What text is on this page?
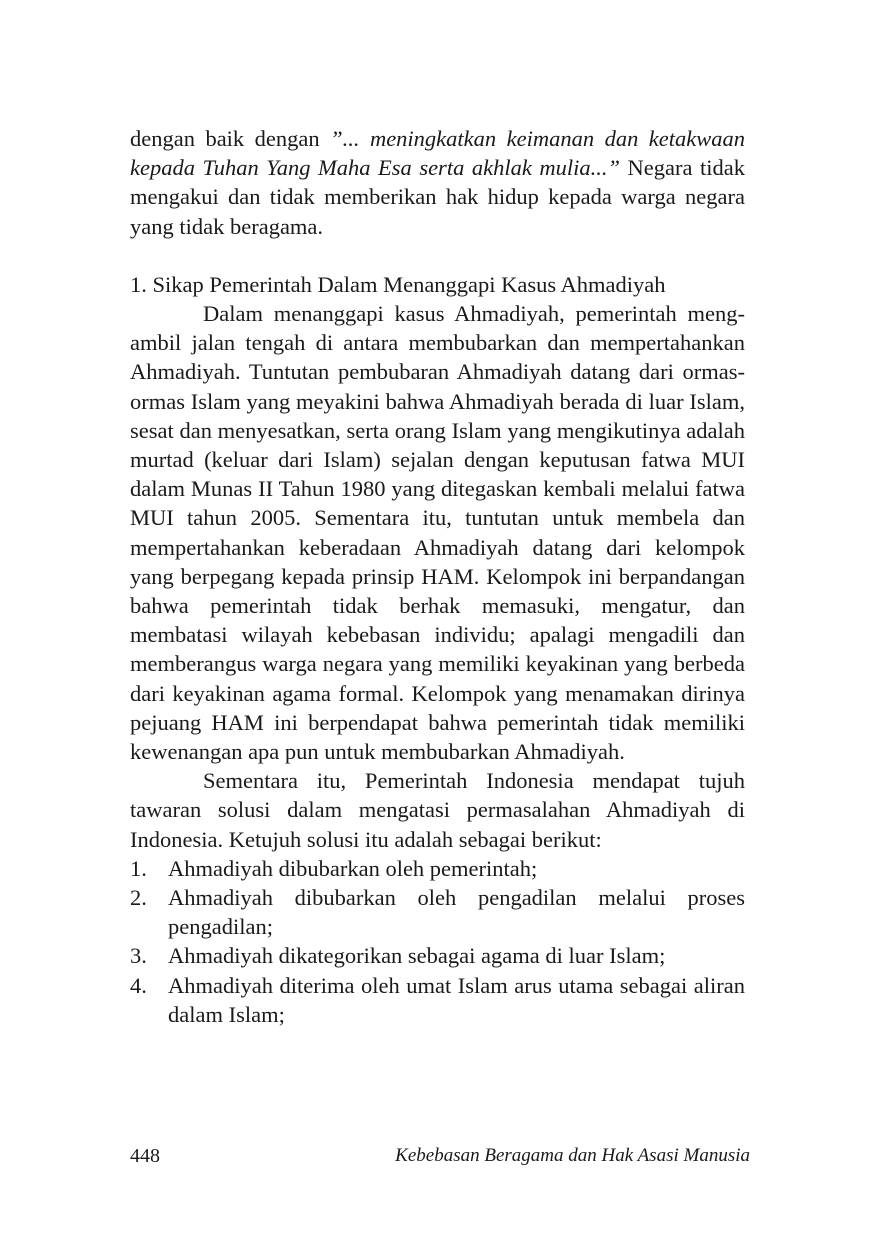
dengan baik dengan ”... meningkatkan keimanan dan ketakwaan kepada Tuhan Yang Maha Esa serta akhlak mulia...” Negara tidak mengakui dan tidak memberikan hak hidup kepada warga negara yang tidak beragama.

1. Sikap Pemerintah Dalam Menanggapi Kasus Ahmadiyah

Dalam menanggapi kasus Ahmadiyah, pemerintah mengambil jalan tengah di antara membubarkan dan mempertahankan Ahmadiyah. Tuntutan pembubaran Ahmadiyah datang dari ormas-ormas Islam yang meyakini bahwa Ahmadiyah berada di luar Islam, sesat dan menyesatkan, serta orang Islam yang mengikutinya adalah murtad (keluar dari Islam) sejalan dengan keputusan fatwa MUI dalam Munas II Tahun 1980 yang ditegaskan kembali melalui fatwa MUI tahun 2005. Sementara itu, tuntutan untuk membela dan mempertahankan keberadaan Ahmadiyah datang dari kelompok yang berpegang kepada prinsip HAM. Kelompok ini berpandangan bahwa pemerintah tidak berhak memasuki, mengatur, dan membatasi wilayah kebebasan individu; apalagi mengadili dan memberangus warga negara yang memiliki keyakinan yang berbeda dari keyakinan agama formal. Kelompok yang menamakan dirinya pejuang HAM ini berpendapat bahwa pemerintah tidak memiliki kewenangan apa pun untuk membubarkan Ahmadiyah.

Sementara itu, Pemerintah Indonesia mendapat tujuh tawaran solusi dalam mengatasi permasalahan Ahmadiyah di Indonesia. Ketujuh solusi itu adalah sebagai berikut:

1. Ahmadiyah dibubarkan oleh pemerintah;
2. Ahmadiyah dibubarkan oleh pengadilan melalui proses pengadilan;
3. Ahmadiyah dikategorikan sebagai agama di luar Islam;
4. Ahmadiyah diterima oleh umat Islam arus utama sebagai aliran dalam Islam;
448	Kebebasan Beragama dan Hak Asasi Manusia
